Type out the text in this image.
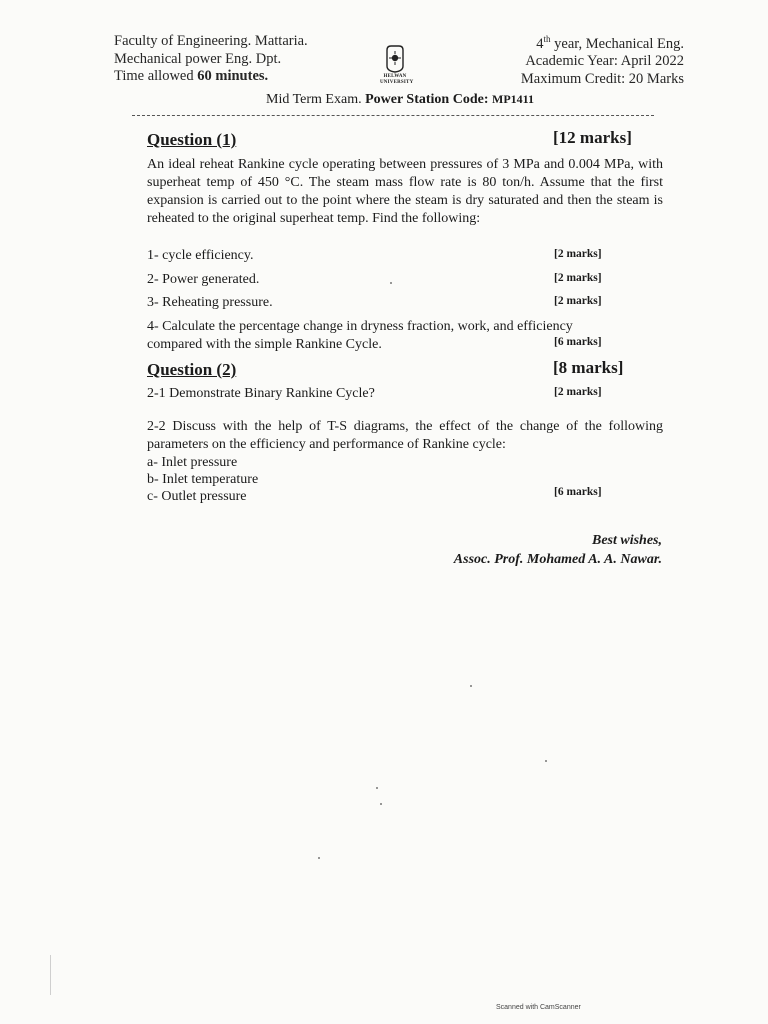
Faculty of Engineering. Mattaria.
Mechanical power Eng. Dpt.
Time allowed 60 minutes.	HELWAN
UNIVERSITY
4th year, Mechanical Eng.
Academic Year: April 2022
Maximum Credit: 20 Marks
Mid Term Exam. Power Station Code: MP1411
Question (1)	[12 marks]
An ideal reheat Rankine cycle operating between pressures of 3 MPa and 0.004 MPa, with superheat temp of 450 °C. The steam mass flow rate is 80 ton/h. Assume that the first expansion is carried out to the point where the steam is dry saturated and then the steam is reheated to the original superheat temp. Find the following:
1- cycle efficiency.	[2 marks]
2- Power generated.	[2 marks]
3- Reheating pressure.	[2 marks]
4- Calculate the percentage change in dryness fraction, work, and efficiency
compared with the simple Rankine Cycle.	[6 marks]
Question (2)	[8 marks]
2-1 Demonstrate Binary Rankine Cycle?	[2 marks]
2-2 Discuss with the help of T-S diagrams, the effect of the change of the following parameters on the efficiency and performance of Rankine cycle:
a- Inlet pressure
b- Inlet temperature
c- Outlet pressure	[6 marks]
Best wishes,
Assoc. Prof. Mohamed A. A. Nawar.
Scanned with CamScanner
